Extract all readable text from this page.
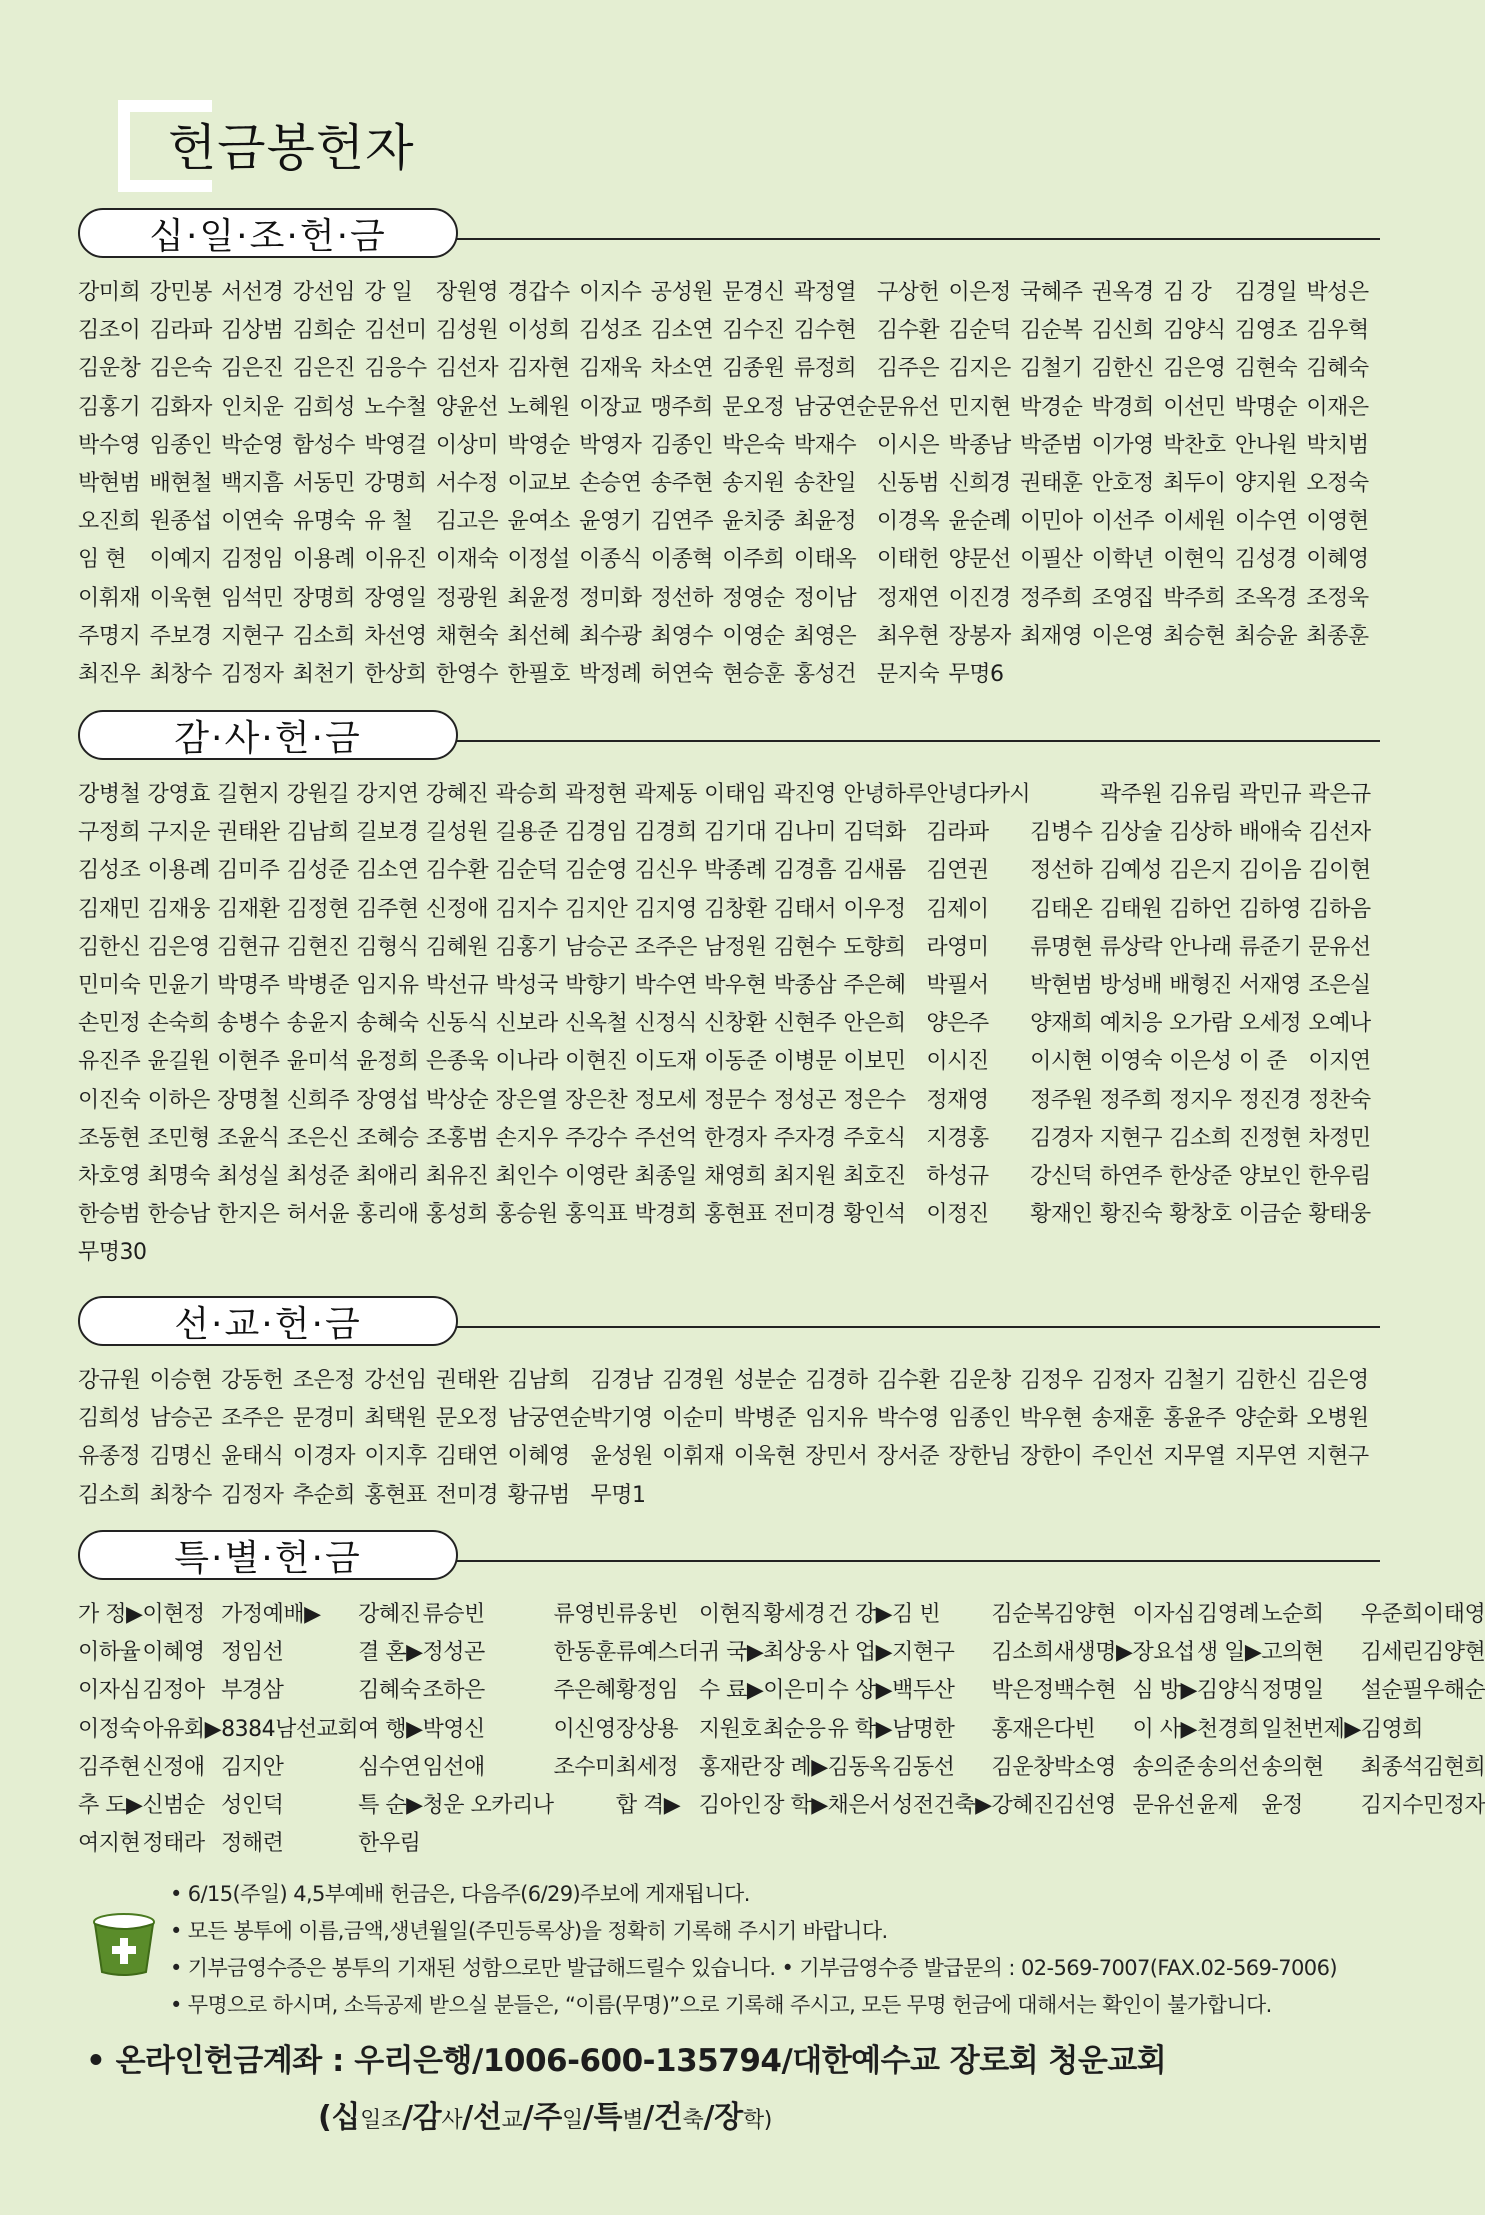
헌금봉헌자
십·일·조·헌·금
강미희 강민봉 서선경 강선임 강 일	장원영 경갑수 이지수 공성원 문경신 곽정열 구상헌 이은정 국혜주 권옥경 김 강	김경일 박성은
김조이 김라파 김상범 김희순 김선미 김성원 이성희 김성조 김소연 김수진 김수현 김수환 김순덕 김순복 김신희 김양식 김영조 김우혁
김운창 김은숙 김은진 김은진 김응수 김선자 김자현 김재욱 차소연 김종원 류정희 김주은 김지은 김철기 김한신 김은영 김현숙 김혜숙
김홍기 김화자 인치운 김희성 노수철 양윤선 노혜원 이장교 맹주희 문오정 남궁연순 문유선 민지현 박경순 박경희 이선민 박명순 이재은
박수영 임종인 박순영 함성수 박영걸 이상미 박영순 박영자 김종인 박은숙 박재수 이시은 박종남 박준범 이가영 박찬호 안나원 박치범
박현범 배현철 백지흠 서동민 강명희 서수정 이교보 손승연 송주현 송지원 송찬일 신동범 신희경 권태훈 안호정 최두이 양지원 오정숙
오진희 원종섭 이연숙 유명숙 유 철	김고은 윤여소 윤영기 김연주 윤치중 최윤정 이경옥 윤순례 이민아 이선주 이세원 이수연 이영현
임 현	이예지 김정임 이용례 이유진 이재숙 이정설 이종식 이종혁 이주희 이태옥 이태헌 양문선 이필산 이학년 이현익 김성경 이혜영
이휘재 이욱현 임석민 장명희 장영일 정광원 최윤정 정미화 정선하 정영순 정이남 정재연 이진경 정주희 조영집 박주희 조옥경 조정욱
주명지 주보경 지현구 김소희 차선영 채현숙 최선혜 최수광 최영수 이영순 최영은 최우현 장봉자 최재영 이은영 최승현 최승윤 최종훈
최진우 최창수 김정자 최천기 한상희 한영수 한필호 박정례 허연숙 현승훈 홍성건 문지숙 무명6
감·사·헌·금
강병철 강영효 길현지 강원길 강지연 강혜진 곽승희 곽정현 곽제동 이태임 곽진영 안녕하루 안녕다카시	곽주원 김유림 곽민규 곽은규
구정희 구지운 권태완 김남희 길보경 길성원 길용준 김경임 김경희 김기대 김나미 김덕화 김라파	김병수 김상술 김상하 배애숙 김선자
김성조 이용례 김미주 김성준 김소연 김수환 김순덕 김순영 김신우 박종례 김경흠 김새롬 김연권	정선하 김예성 김은지 김이음 김이현
김재민 김재웅 김재환 김정현 김주현 신정애 김지수 김지안 김지영 김창환 김태서 이우정 김제이	김태온 김태원 김하언 김하영 김하음
김한신 김은영 김현규 김현진 김형식 김혜원 김홍기 남승곤 조주은 남정원 김현수 도향희 라영미	류명현 류상락 안나래 류준기 문유선
민미숙 민윤기 박명주 박병준 임지유 박선규 박성국 박향기 박수연 박우현 박종삼 주은혜 박필서	박현범 방성배 배형진 서재영 조은실
손민정 손숙희 송병수 송윤지 송혜숙 신동식 신보라 신옥철 신정식 신창환 신현주 안은희 양은주	양재희 예치응 오가람 오세정 오예나
유진주 윤길원 이현주 윤미석 윤정희 은종욱 이나라 이현진 이도재 이동준 이병문 이보민 이시진	이시현 이영숙 이은성 이 준 이지연
이진숙 이하은 장명철 신희주 장영섭 박상순 장은열 장은찬 정모세 정문수 정성곤 정은수 정재영	정주원 정주희 정지우 정진경 정찬숙
조동현 조민형 조윤식 조은신 조혜승 조홍범 손지우 주강수 주선억 한경자 주자경 주호식 지경홍	김경자 지현구 김소희 진정현 차정민
차호영 최명숙 최성실 최성준 최애리 최유진 최인수 이영란 최종일 채영희 최지원 최호진 하성규	강신덕 하연주 한상준 양보인 한우림
한승범 한승남 한지은 허서윤 홍리애 홍성희 홍승원 홍익표 박경희 홍현표 전미경 황인석 이정진	황재인 황진숙 황창호 이금순 황태웅
무명30
선·교·헌·금
강규원 이승현 강동헌 조은정 강선임 권태완 김남희 김경남 김경원 성분순 김경하 김수환 김운창 김정우 김정자 김철기 김한신 김은영
김희성 남승곤 조주은 문경미 최택원 문오정 남궁연순 박기영 이순미 박병준 임지유 박수영 임종인 박우현 송재훈 홍윤주 양순화 오병원
유종정 김명신 윤태식 이경자 이지후 김태연 이혜영 윤성원 이휘재 이욱현 장민서 장서준 장한님 장한이 주인선 지무열 지무연 지현구
김소희 최창수 김정자 추순희 홍현표 전미경 황규범 무명1
특·별·헌·금
가 정▶ 이현정 가정예배▶	강혜진 류승빈	류영빈 류웅빈 이현직 황세경 건 강▶ 김 빈	김순복 김양현 이자심 김영례 노순희	우준희 이태영
이하율 이혜영 정임선	결 혼▶ 정성곤	한동훈 류예스더 귀 국▶ 최상웅 사 업▶ 지현구	김소희 새생명▶ 장요섭 생 일▶ 고의현	김세린 김양현
이자심 김정아 부경삼	김혜숙 조하은	주은혜 황정임 수 료▶ 이은미 수 상▶ 백두산	박은정 백수현 심 방▶ 김양식 정명일	설순필 우해순
이정숙 아유회▶ 8384남선교회 여 행▶ 박영신	이신영 장상용 지원호 최순응 유 학▶ 남명한	홍재은 다빈	이 사▶ 천경희 일천번제▶ 김영희
김주현 신정애 김지안	심수연 임선애	조수미 최세정 홍재란 장 례▶ 김동옥 김동선	김운창 박소영 송의준 송의선 송의현	최종석 김현희
추 도▶ 신범순 성인덕	특 순▶ 청운 오카리나	합 격▶ 김아인 장 학▶ 채은서 성전건축▶ 강혜진 김선영 문유선 윤제	윤정	김지수 민정자
여지현 정태라 정해련	한우림
• 6/15(주일) 4,5부예배 헌금은, 다음주(6/29)주보에 게재됩니다.
• 모든 봉투에 이름,금액,생년월일(주민등록상)을 정확히 기록해 주시기 바랍니다.
• 기부금영수증은 봉투의 기재된 성함으로만 발급해드릴수 있습니다. • 기부금영수증 발급문의 : 02-569-7007(FAX.02-569-7006)
• 무명으로 하시며, 소득공제 받으실 분들은, “이름(무명)”으로 기록해 주시고, 모든 무명 헌금에 대해서는 확인이 불가합니다.
• 온라인헌금계좌 : 우리은행/1006-600-135794/대한예수교 장로회 청운교회
(십일조/감사/선교/주일/특별/건축/장학)
